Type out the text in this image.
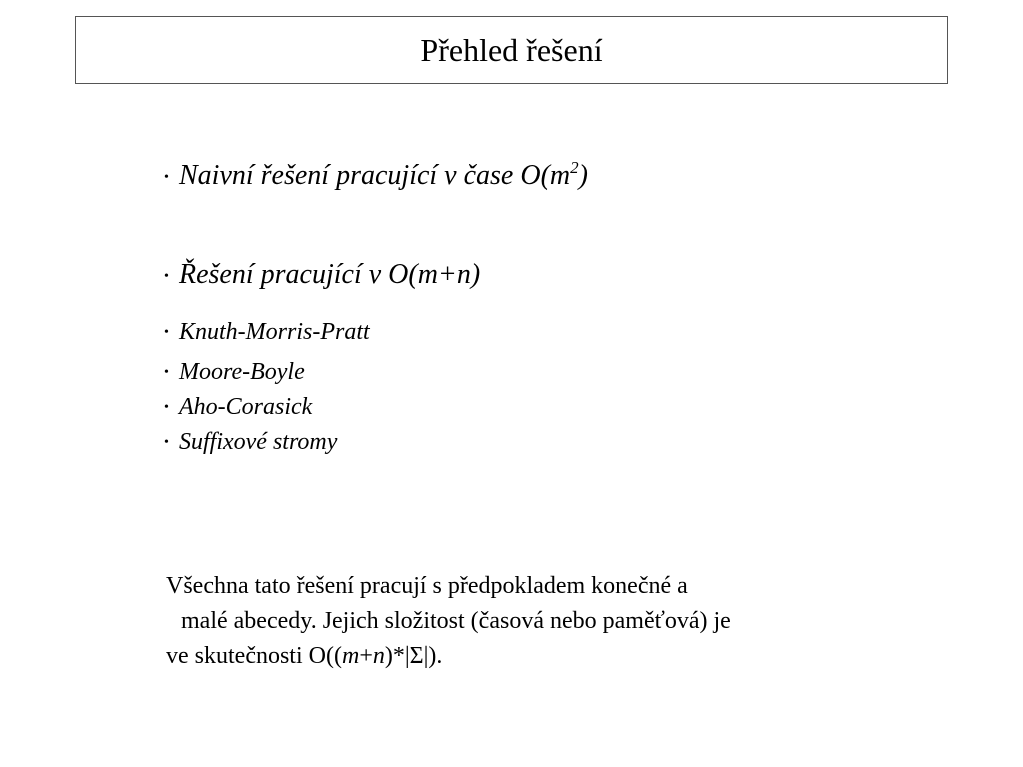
Přehled řešení
• Naivní řešení pracující v čase $O(m^2)$
• Řešení pracující v O(m+n)
• Knuth-Morris-Pratt
• Moore-Boyle
• Aho-Corasick
• Suffixové stromy
Všechna tato řešení pracují s předpokladem konečné a
malé abecedy. Jejich složitost (časová nebo paměťová) je
ve skutečnosti O((m+n)*|Σ|).
